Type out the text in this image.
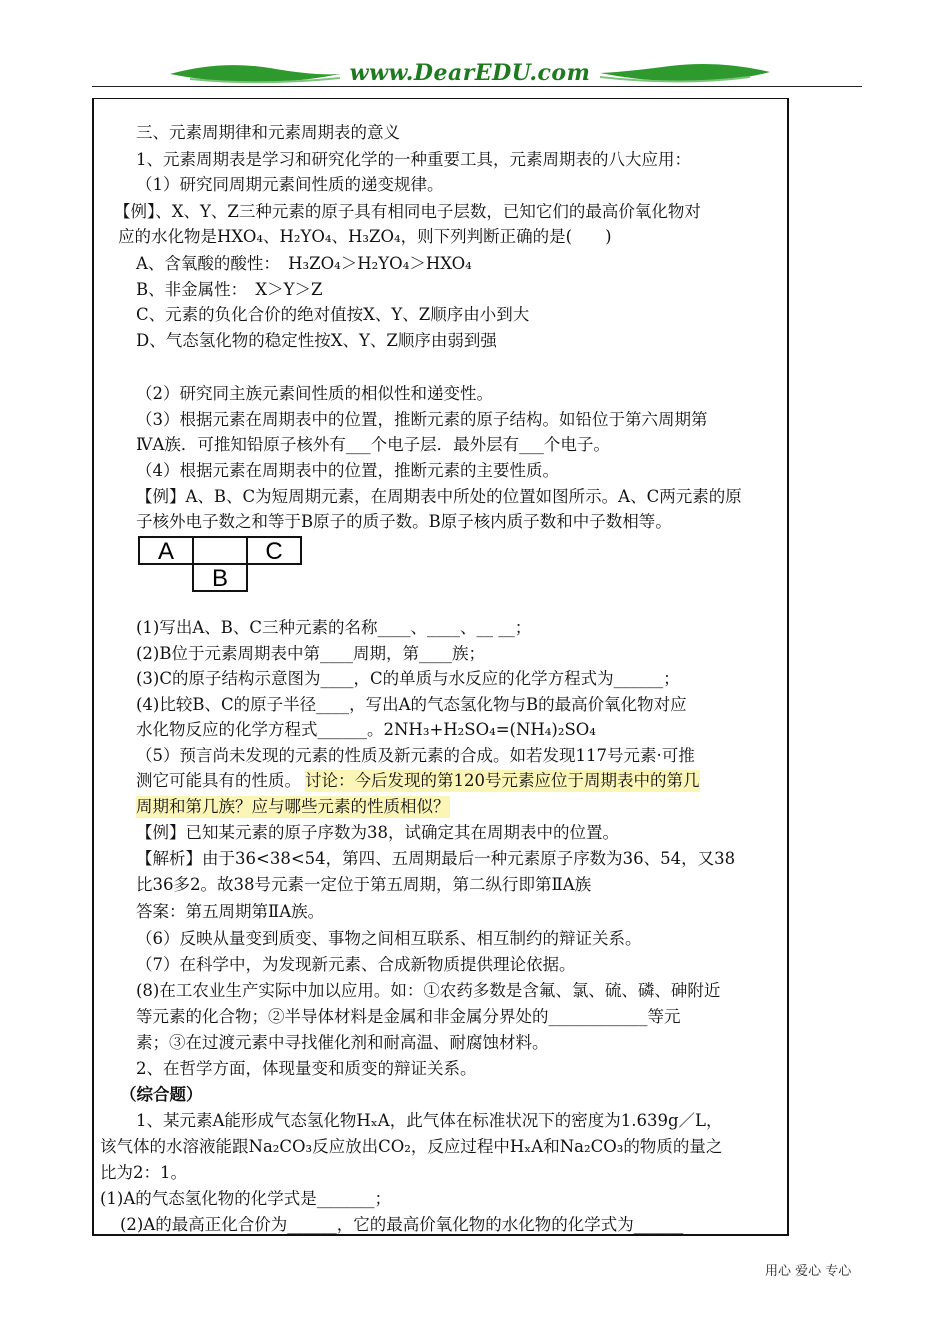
www.DearEDU.com
三、元素周期律和元素周期表的意义
1、元素周期表是学习和研究化学的一种重要工具，元素周期表的八大应用：
（1）研究同周期元素间性质的递变规律。
【例】、X、Y、Z三种元素的原子具有相同电子层数，已知它们的最高价氧化物对
应的水化物是HXO₄、H₂YO₄、H₃ZO₄，则下列判断正确的是(　　)
A、含氧酸的酸性：　H₃ZO₄＞H₂YO₄＞HXO₄
B、非金属性：　X＞Y＞Z
C、元素的负化合价的绝对值按X、Y、Z顺序由小到大
D、气态氢化物的稳定性按X、Y、Z顺序由弱到强
（2）研究同主族元素间性质的相似性和递变性。
（3）根据元素在周期表中的位置，推断元素的原子结构。如铅位于第六周期第
ⅣA族．可推知铅原子核外有___个电子层．最外层有___个电子。
（4）根据元素在周期表中的位置，推断元素的主要性质。
【例】A、B、C为短周期元素，在周期表中所处的位置如图所示。A、C两元素的原
子核外电子数之和等于B原子的质子数。B原子核内质子数和中子数相等。
A	C
B
(1)写出A、B、C三种元素的名称____、____、__ __；
(2)B位于元素周期表中第____周期，第____族；
(3)C的原子结构示意图为____，C的单质与水反应的化学方程式为______；
(4)比较B、C的原子半径____，写出A的气态氢化物与B的最高价氧化物对应
水化物反应的化学方程式______。2NH₃+H₂SO₄=(NH₄)₂SO₄
（5）预言尚未发现的元素的性质及新元素的合成。如若发现117号元素·可推
测它可能具有的性质。 讨论：今后发现的第120号元素应位于周期表中的第几
周期和第几族？应与哪些元素的性质相似？
【例】已知某元素的原子序数为38，试确定其在周期表中的位置。
【解析】由于36<38<54，第四、五周期最后一种元素原子序数为36、54，又38
比36多2。故38号元素一定位于第五周期，第二纵行即第ⅡA族
答案：第五周期第ⅡA族。
（6）反映从量变到质变、事物之间相互联系、相互制约的辩证关系。
（7）在科学中，为发现新元素、合成新物质提供理论依据。
(8)在工农业生产实际中加以应用。如：①农药多数是含氟、氯、硫、磷、砷附近
等元素的化合物；②半导体材料是金属和非金属分界处的____________等元
素；③在过渡元素中寻找催化剂和耐高温、耐腐蚀材料。
2、在哲学方面，体现量变和质变的辩证关系。
（综合题）
1、某元素A能形成气态氢化物HₓA，此气体在标准状况下的密度为1.639g／L，
该气体的水溶液能跟Na₂CO₃反应放出CO₂，反应过程中HₓA和Na₂CO₃的物质的量之
比为2：1。
(1)A的气态氢化物的化学式是_______；
(2)A的最高正化合价为______，它的最高价氧化物的水化物的化学式为______
用心 爱心 专心
